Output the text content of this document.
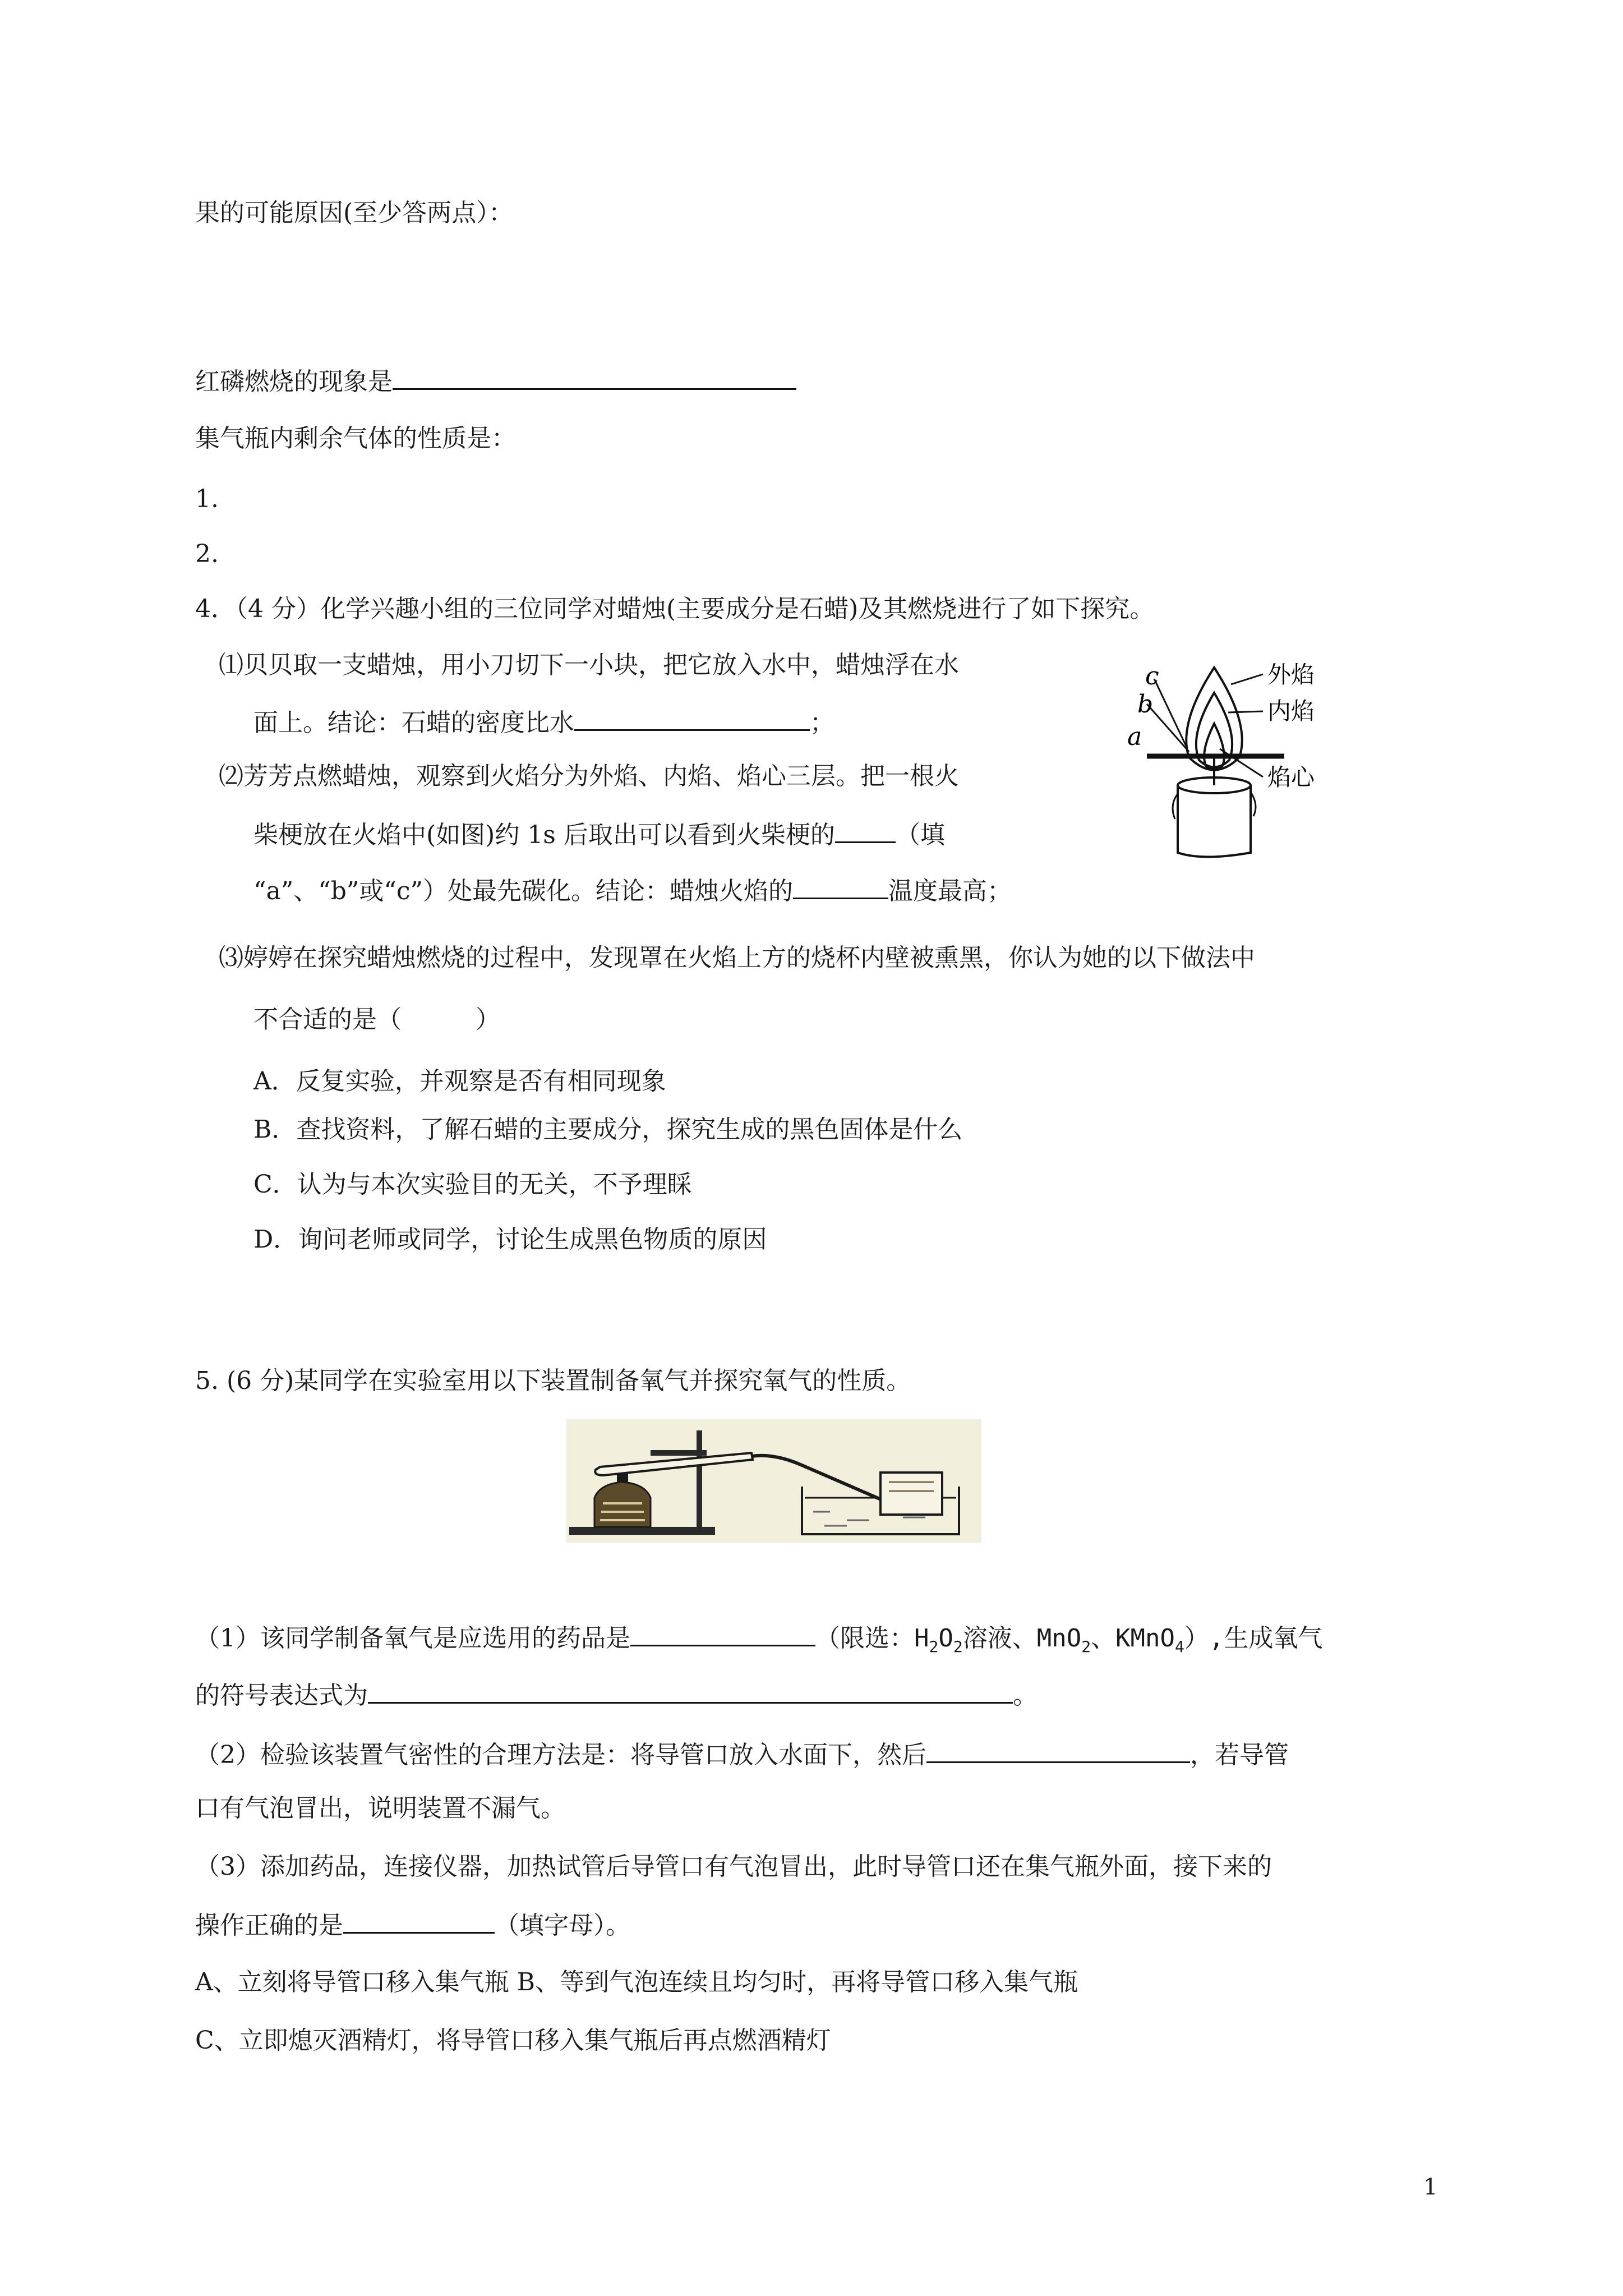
果的可能原因(至少答两点）：
红磷燃烧的现象是
集气瓶内剩余气体的性质是：
1.
2.
4．（4 分）化学兴趣小组的三位同学对蜡烛(主要成分是石蜡)及其燃烧进行了如下探究。
⑴贝贝取一支蜡烛，用小刀切下一小块，把它放入水中，蜡烛浮在水
面上。结论：石蜡的密度比水	；
⑵芳芳点燃蜡烛，观察到火焰分为外焰、内焰、焰心三层。把一根火
柴梗放在火焰中(如图)约 1s 后取出可以看到火柴梗的 （填
“a”、“b”或“c”）处最先碳化。结论：蜡烛火焰的	温度最高；
外焰
内焰
焰心
c
b
a
⑶婷婷在探究蜡烛燃烧的过程中，发现罩在火焰上方的烧杯内壁被熏黑，你认为她的以下做法中
不合适的是（　　　）
A．反复实验，并观察是否有相同现象
B．查找资料，了解石蜡的主要成分，探究生成的黑色固体是什么
C．认为与本次实验目的无关，不予理睬
D．询问老师或同学，讨论生成黑色物质的原因
5. (6 分)某同学在实验室用以下装置制备氧气并探究氧气的性质。
（1）该同学制备氧气是应选用的药品是	（限选：$H_2O_2$溶液、MnO$_2$、KMnO$_4$）,生成氧气
的符号表达式为	。
（2）检验该装置气密性的合理方法是：将导管口放入水面下，然后	，若导管
口有气泡冒出，说明装置不漏气。
（3）添加药品，连接仪器，加热试管后导管口有气泡冒出，此时导管口还在集气瓶外面，接下来的
操作正确的是	（填字母）。
A、立刻将导管口移入集气瓶 B、等到气泡连续且均匀时，再将导管口移入集气瓶
C、立即熄灭酒精灯，将导管口移入集气瓶后再点燃酒精灯
1
